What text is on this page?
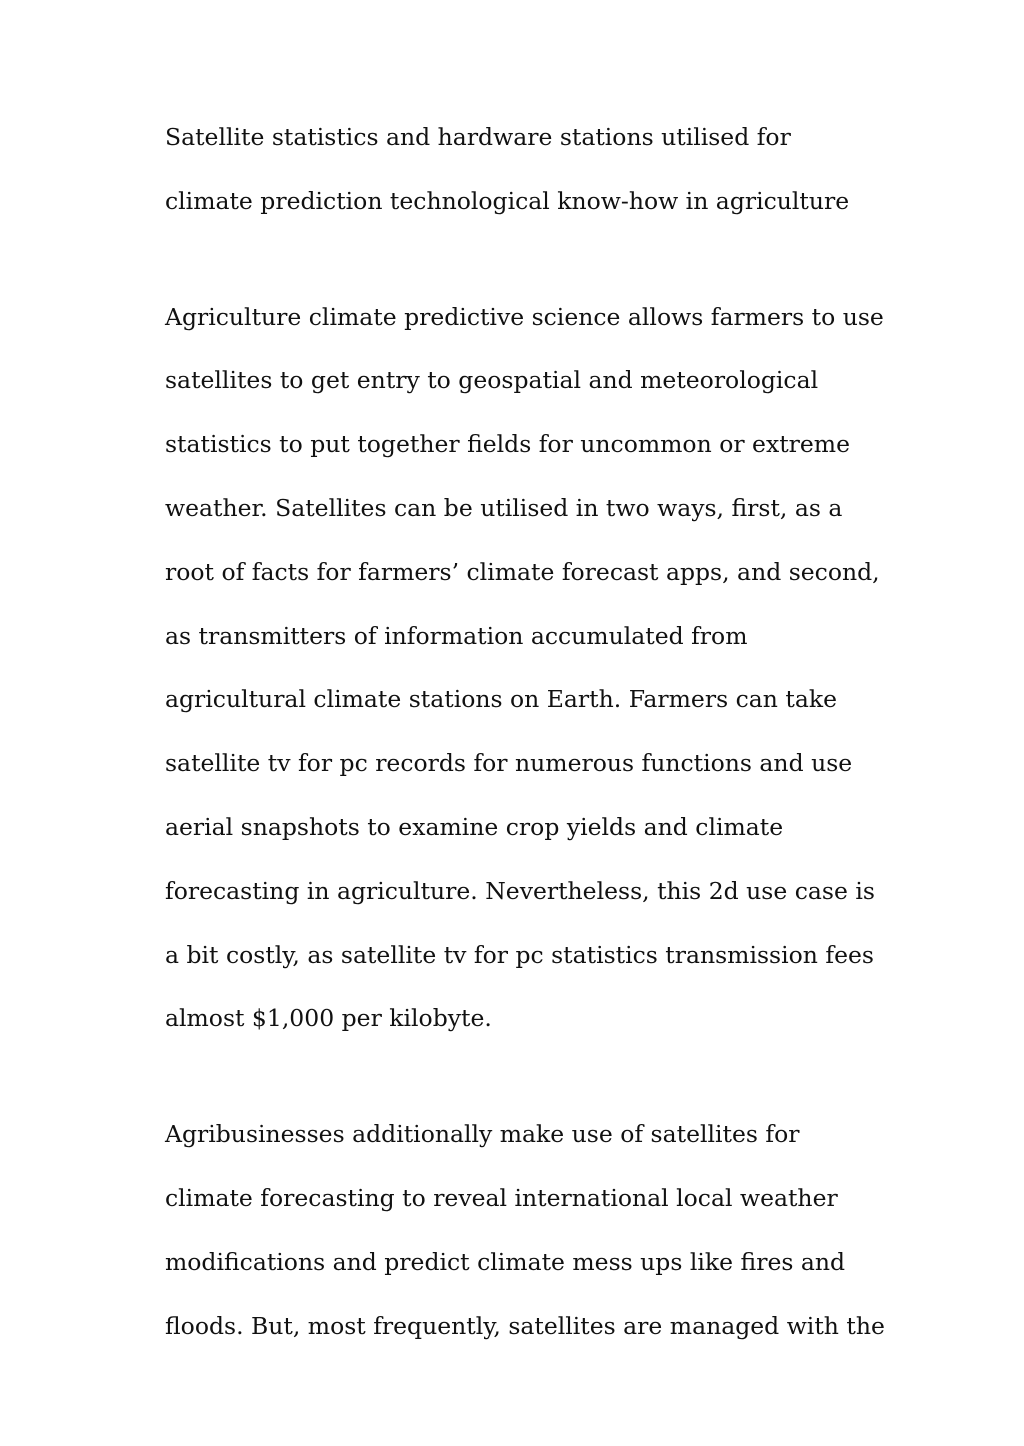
Satellite statistics and hardware stations utilised for climate prediction technological know-how in agriculture

Agriculture climate predictive science allows farmers to use satellites to get entry to geospatial and meteorological statistics to put together fields for uncommon or extreme weather. Satellites can be utilised in two ways, first, as a root of facts for farmers’ climate forecast apps, and second, as transmitters of information accumulated from agricultural climate stations on Earth. Farmers can take satellite tv for pc records for numerous functions and use aerial snapshots to examine crop yields and climate forecasting in agriculture. Nevertheless, this 2d use case is a bit costly, as satellite tv for pc statistics transmission fees almost $1,000 per kilobyte.

Agribusinesses additionally make use of satellites for climate forecasting to reveal international local weather modifications and predict climate mess ups like fires and floods. But, most frequently, satellites are managed with the
